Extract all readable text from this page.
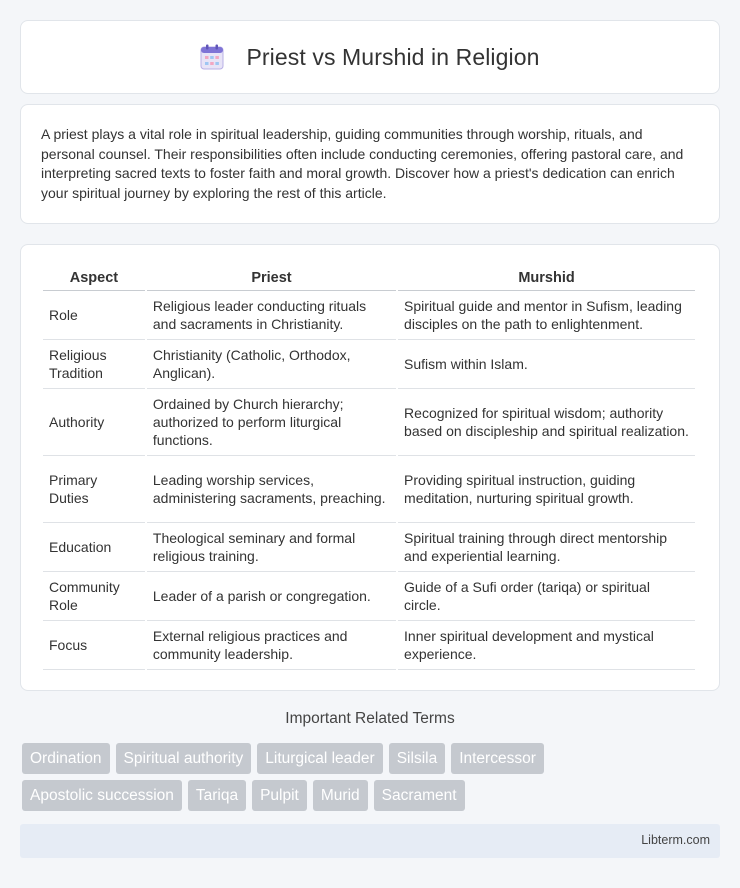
Priest vs Murshid in Religion

A priest plays a vital role in spiritual leadership, guiding communities through worship, rituals, and personal counsel. Their responsibilities often include conducting ceremonies, offering pastoral care, and interpreting sacred texts to foster faith and moral growth. Discover how a priest's dedication can enrich your spiritual journey by exploring the rest of this article.

Aspect	Priest	Murshid
Role	Religious leader conducting rituals and sacraments in Christianity.	Spiritual guide and mentor in Sufism, leading disciples on the path to enlightenment.
Religious Tradition	Christianity (Catholic, Orthodox, Anglican).	Sufism within Islam.
Authority	Ordained by Church hierarchy; authorized to perform liturgical functions.	Recognized for spiritual wisdom; authority based on discipleship and spiritual realization.
Primary Duties	Leading worship services, administering sacraments, preaching.	Providing spiritual instruction, guiding meditation, nurturing spiritual growth.
Education	Theological seminary and formal religious training.	Spiritual training through direct mentorship and experiential learning.
Community Role	Leader of a parish or congregation.	Guide of a Sufi order (tariqa) or spiritual circle.
Focus	External religious practices and community leadership.	Inner spiritual development and mystical experience.
Important Related Terms
Ordination	Spiritual authority	Liturgical leader	Silsila	Intercessor
Apostolic succession	Tariqa	Pulpit	Murid	Sacrament
Libterm.com
